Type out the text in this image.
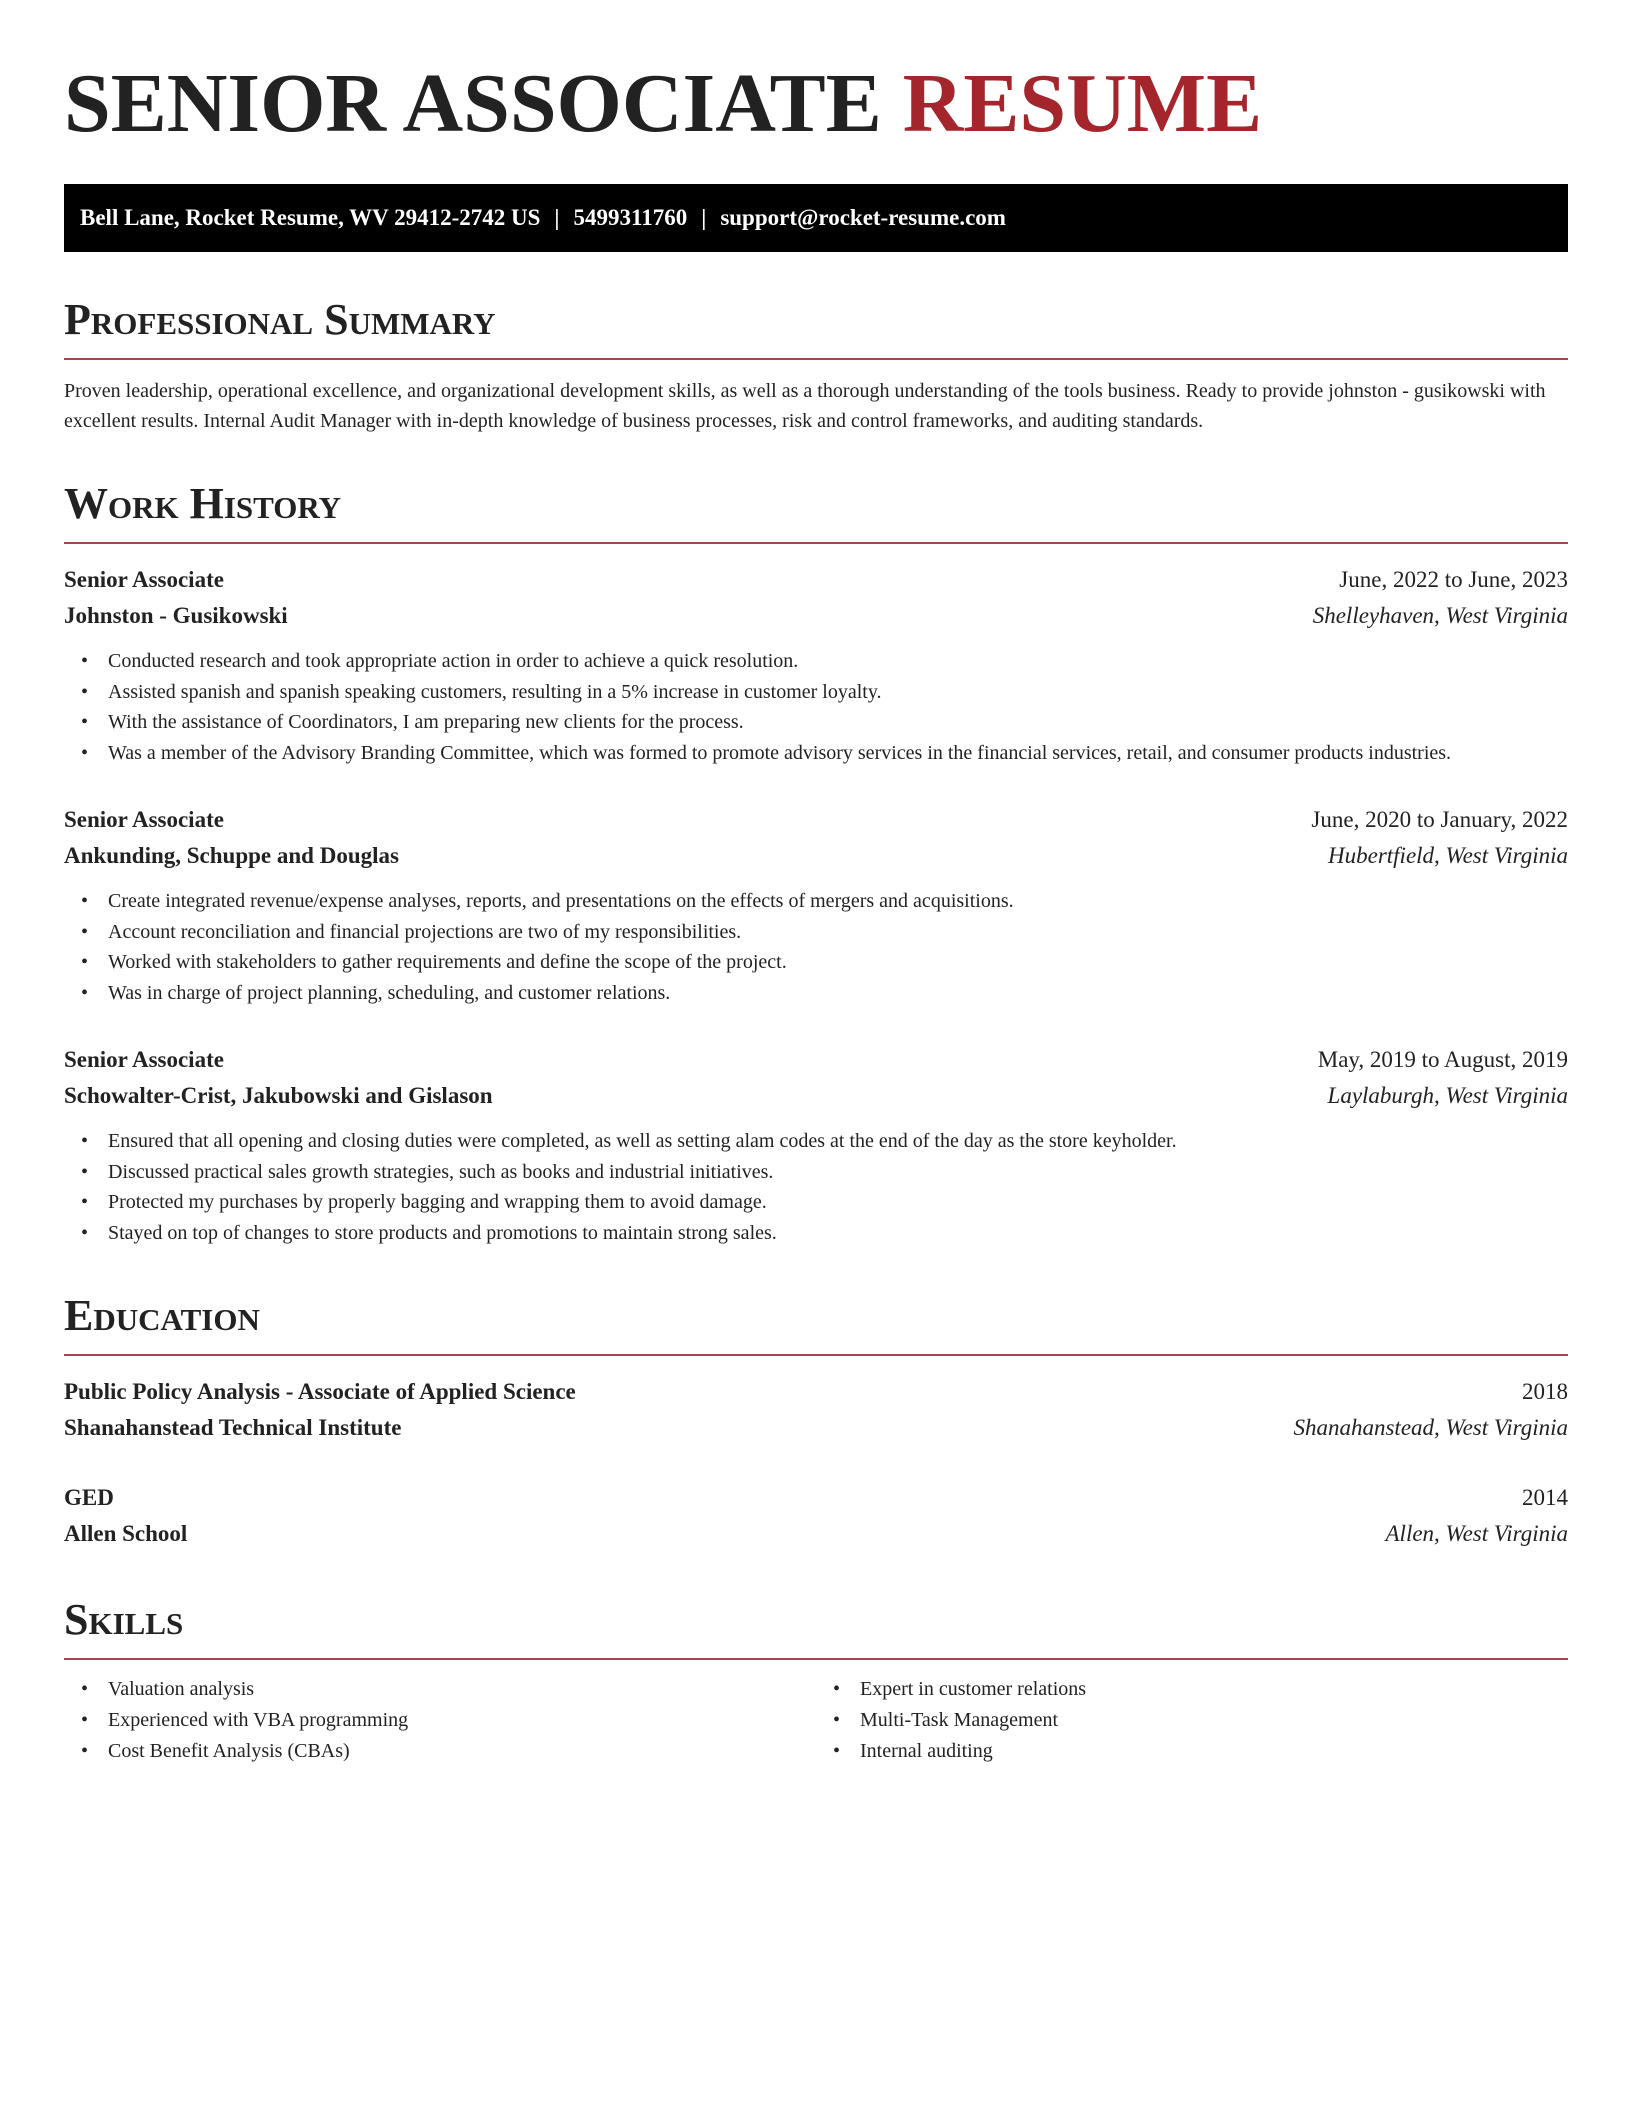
SENIOR ASSOCIATE RESUME
Bell Lane, Rocket Resume, WV 29412-2742 US | 5499311760 | support@rocket-resume.com
Professional Summary

Proven leadership, operational excellence, and organizational development skills, as well as a thorough understanding of the tools business. Ready to provide johnston - gusikowski with excellent results. Internal Audit Manager with in-depth knowledge of business processes, risk and control frameworks, and auditing standards.

Work History
Senior Associate	June, 2022 to June, 2023
Johnston - Gusikowski	Shelleyhaven, West Virginia
• Conducted research and took appropriate action in order to achieve a quick resolution.
• Assisted spanish and spanish speaking customers, resulting in a 5% increase in customer loyalty.
• With the assistance of Coordinators, I am preparing new clients for the process.
• Was a member of the Advisory Branding Committee, which was formed to promote advisory services in the financial services, retail, and consumer products industries.
Senior Associate	June, 2020 to January, 2022
Ankunding, Schuppe and Douglas	Hubertfield, West Virginia
• Create integrated revenue/expense analyses, reports, and presentations on the effects of mergers and acquisitions.
• Account reconciliation and financial projections are two of my responsibilities.
• Worked with stakeholders to gather requirements and define the scope of the project.
• Was in charge of project planning, scheduling, and customer relations.
Senior Associate	May, 2019 to August, 2019
Schowalter-Crist, Jakubowski and Gislason	Laylaburgh, West Virginia
• Ensured that all opening and closing duties were completed, as well as setting alam codes at the end of the day as the store keyholder.
• Discussed practical sales growth strategies, such as books and industrial initiatives.
• Protected my purchases by properly bagging and wrapping them to avoid damage.
• Stayed on top of changes to store products and promotions to maintain strong sales.
Education
Public Policy Analysis - Associate of Applied Science	2018
Shanahanstead Technical Institute	Shanahanstead, West Virginia
GED	2014
Allen School	Allen, West Virginia
Skills
• Valuation analysis
• Experienced with VBA programming
• Cost Benefit Analysis (CBAs)
• Expert in customer relations
• Multi-Task Management
• Internal auditing
